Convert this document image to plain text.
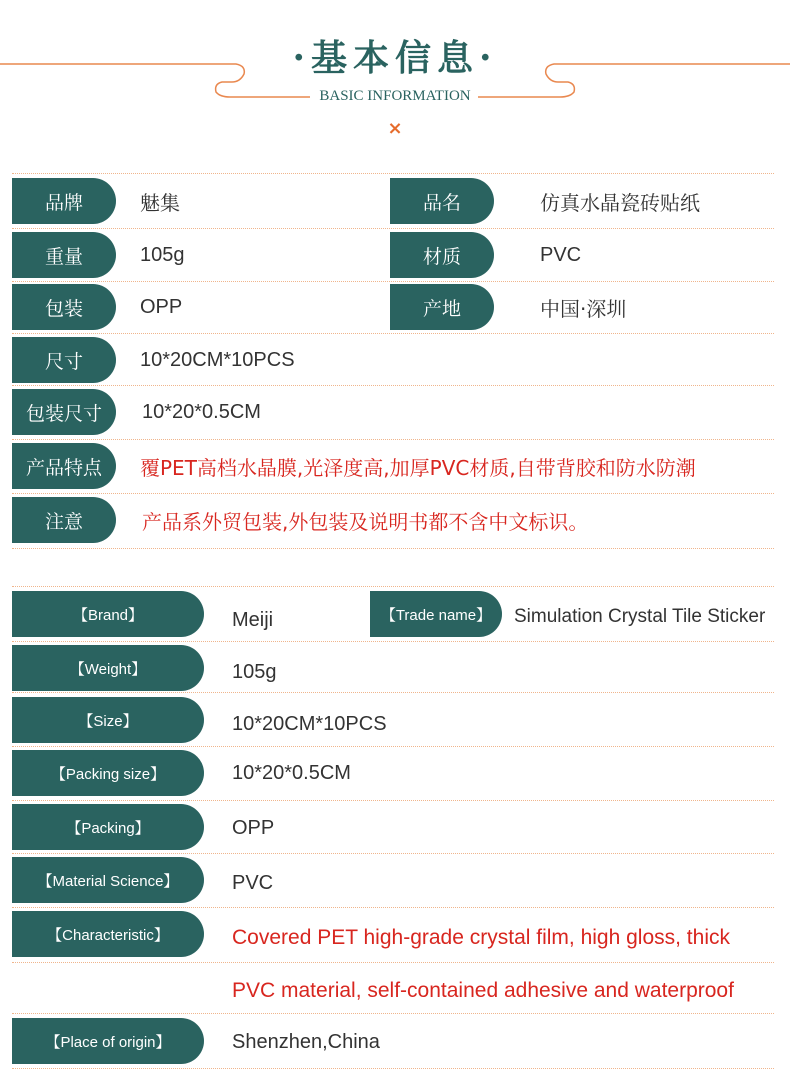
·基本信息·
BASIC INFORMATION
×
品牌	魅集	品名	仿真水晶瓷砖贴纸
重量	105g	材质	PVC
包装	OPP	产地	中国·深圳
尺寸	10*20CM*10PCS
包装尺寸	10*20*0.5CM
产品特点	覆PET高档水晶膜,光泽度高,加厚PVC材质,自带背胶和防水防潮
注意	产品系外贸包装,外包装及说明书都不含中文标识。
【Brand】	Meiji	【Trade name】	Simulation Crystal Tile Sticker
【Weight】	105g
【Size】	10*20CM*10PCS
【Packing size】	10*20*0.5CM
【Packing】	OPP
【Material Science】	PVC
【Characteristic】	Covered PET high-grade crystal film, high gloss, thick
PVC material, self-contained adhesive and waterproof
【Place of origin】	Shenzhen,China
